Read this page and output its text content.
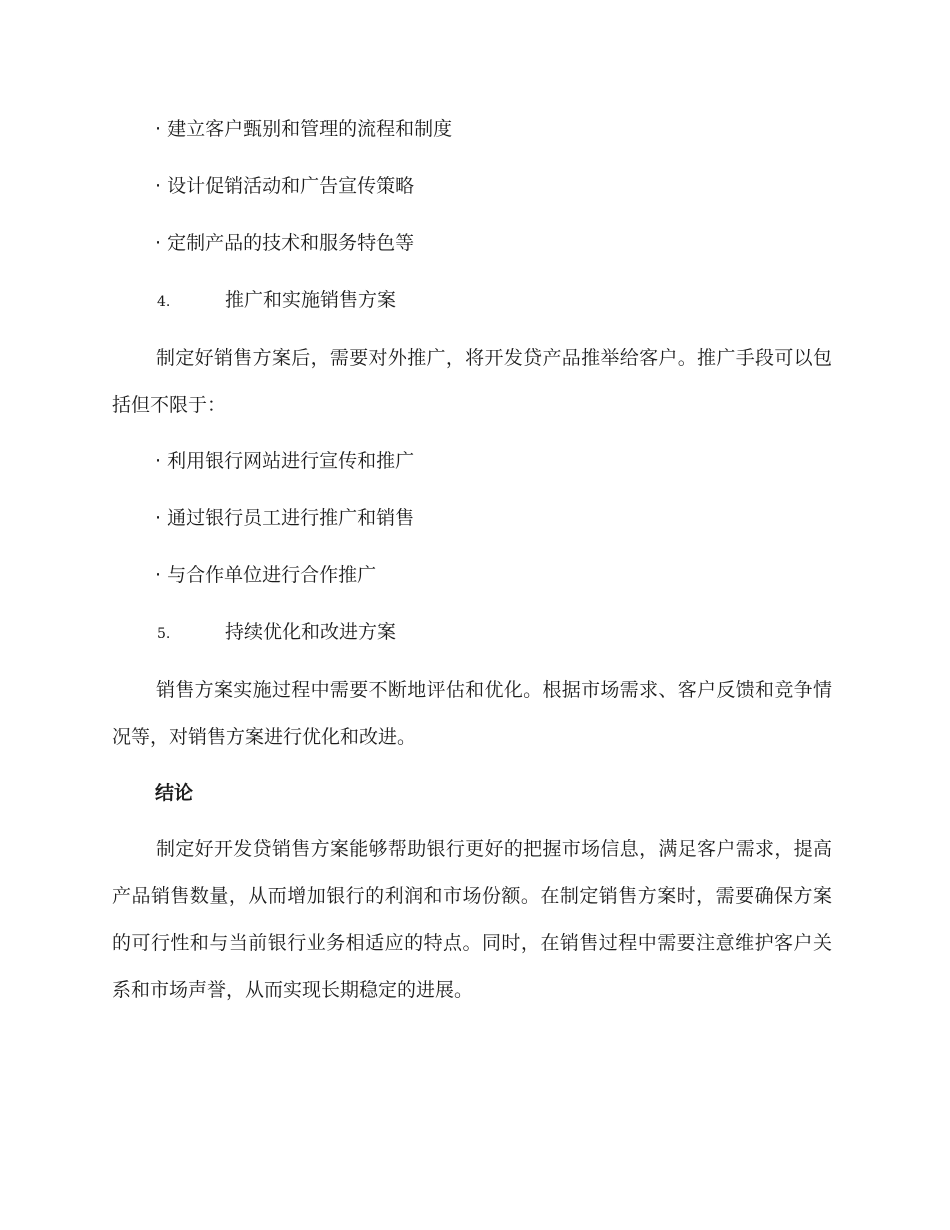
· 建立客户甄别和管理的流程和制度
· 设计促销活动和广告宣传策略
· 定制产品的技术和服务特色等
4.	推广和实施销售方案

制定好销售方案后，需要对外推广，将开发贷产品推举给客户。推广手段可以包括但不限于：

· 利用银行网站进行宣传和推广
· 通过银行员工进行推广和销售
· 与合作单位进行合作推广
5.	持续优化和改进方案

销售方案实施过程中需要不断地评估和优化。根据市场需求、客户反馈和竞争情况等，对销售方案进行优化和改进。

结论

制定好开发贷销售方案能够帮助银行更好的把握市场信息，满足客户需求，提高产品销售数量，从而增加银行的利润和市场份额。在制定销售方案时，需要确保方案的可行性和与当前银行业务相适应的特点。同时，在销售过程中需要注意维护客户关系和市场声誉，从而实现长期稳定的进展。
